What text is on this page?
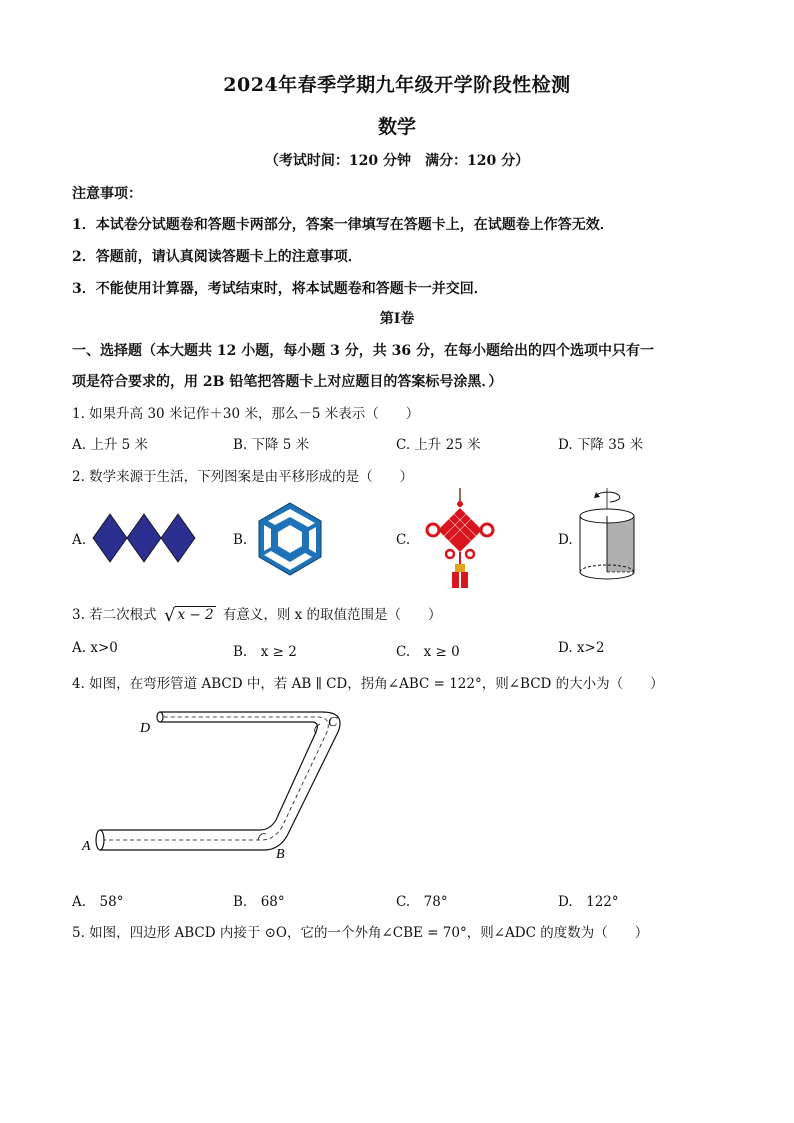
2024年春季学期九年级开学阶段性检测
数学
（考试时间：120 分钟　满分：120 分）
注意事项：
1．本试卷分试题卷和答题卡两部分，答案一律填写在答题卡上，在试题卷上作答无效．
2．答题前，请认真阅读答题卡上的注意事项．
3．不能使用计算器，考试结束时，将本试题卷和答题卡一并交回．
第Ⅰ卷
一、选择题（本大题共 12 小题，每小题 3 分，共 36 分，在每小题给出的四个选项中只有一
项是符合要求的，用 2B 铅笔把答题卡上对应题目的答案标号涂黑．）
1. 如果升高 30 米记作＋30 米，那么－5 米表示（　　）
A. 上升 5 米	B. 下降 5 米	C. 上升 25 米	D. 下降 35 米
2. 数学来源于生活，下列图案是由平移形成的是（　　）
A.	B.	C.	D.
3. 若二次根式 √ x − 2 有意义，则 x 的取值范围是（　　）
A. x>0	B.　x ≥ 2	C.　x ≥ 0	D. x>2
4. 如图，在弯形管道 ABCD 中，若 AB ∥ CD，拐角∠ABC = 122°，则∠BCD 的大小为（　　）
D	C
A
B
A.　58°	B.　68°	C.　78°	D.　122°
5. 如图，四边形 ABCD 内接于 ⊙O，它的一个外角∠CBE = 70°，则∠ADC 的度数为（　　）
